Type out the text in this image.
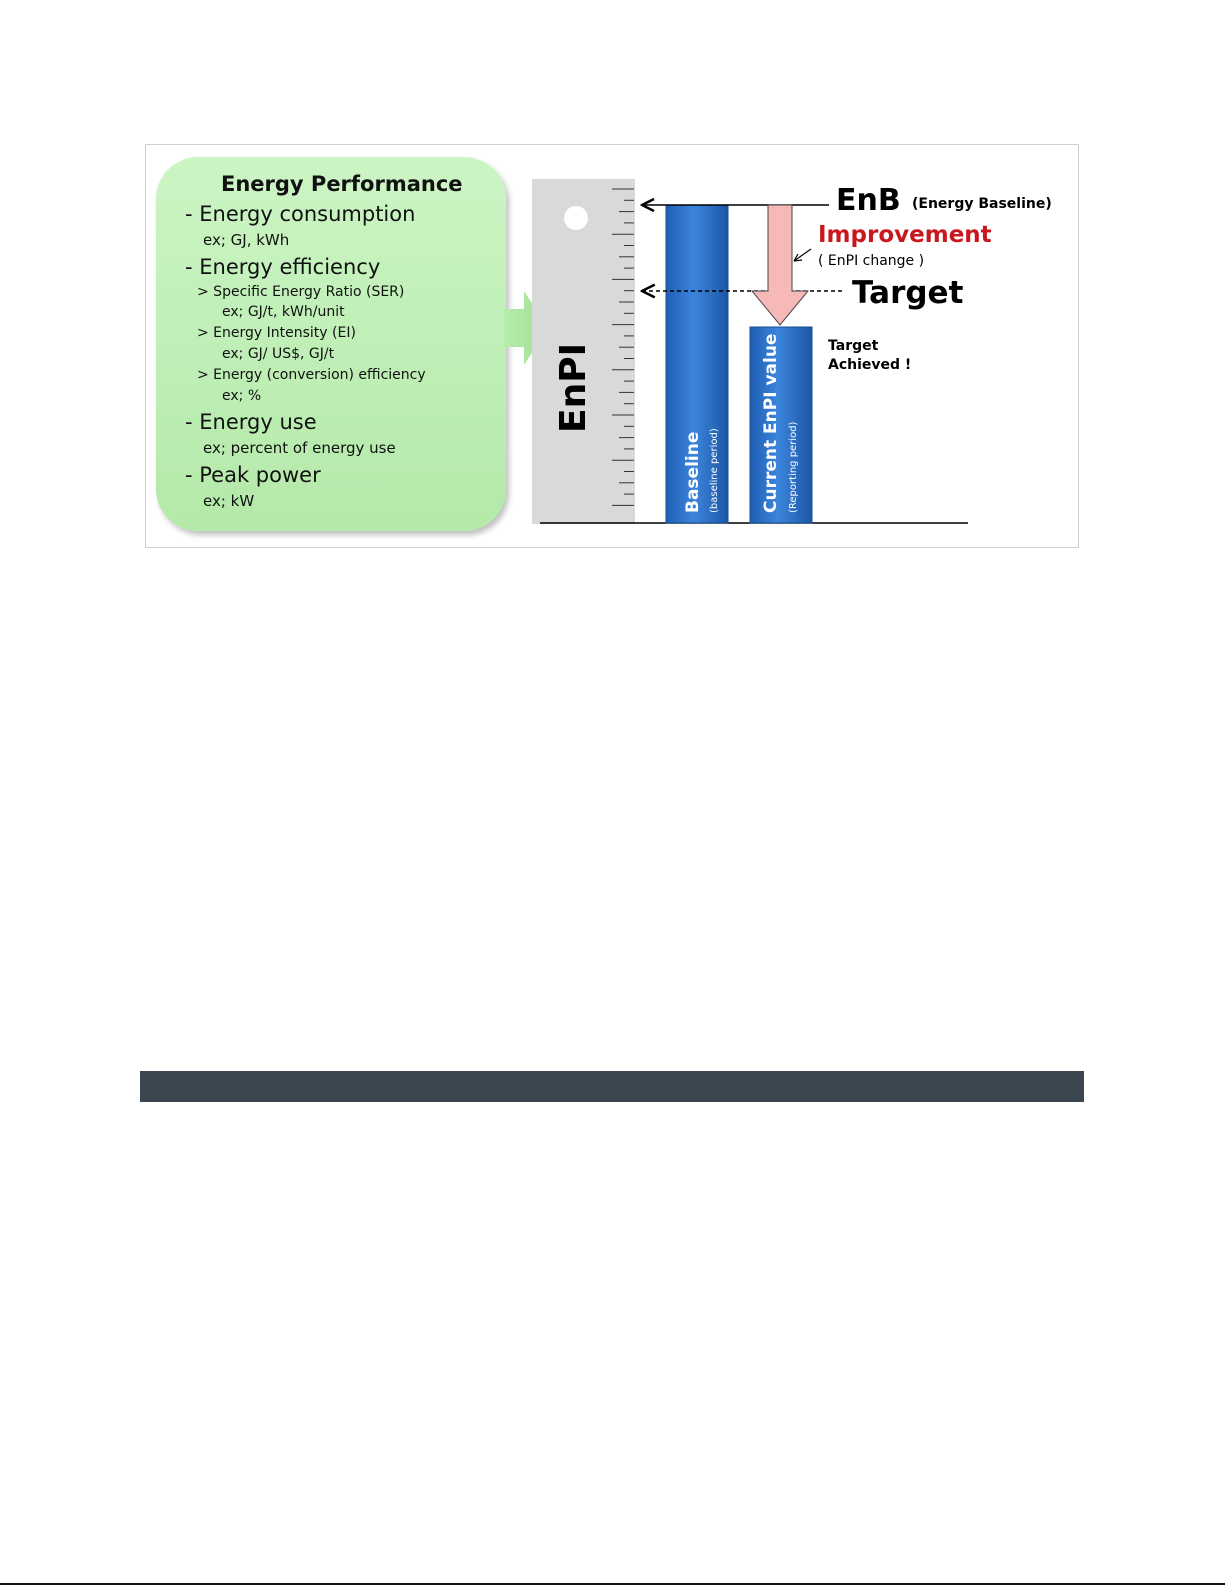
Energy Performance
- Energy consumption
ex; GJ, kWh
- Energy efficiency
> Specific Energy Ratio (SER)
ex; GJ/t, kWh/unit
> Energy Intensity (EI)
ex; GJ/ US$, GJ/t
> Energy (conversion) efficiency
ex; %
- Energy use
ex; percent of energy use
- Peak power
ex; kW
EnPI
Baseline (baseline period) Current EnPI value (Reporting period)
EnB (Energy Baseline)
Target
Improvement
( EnPI change )
Target
Achieved !
